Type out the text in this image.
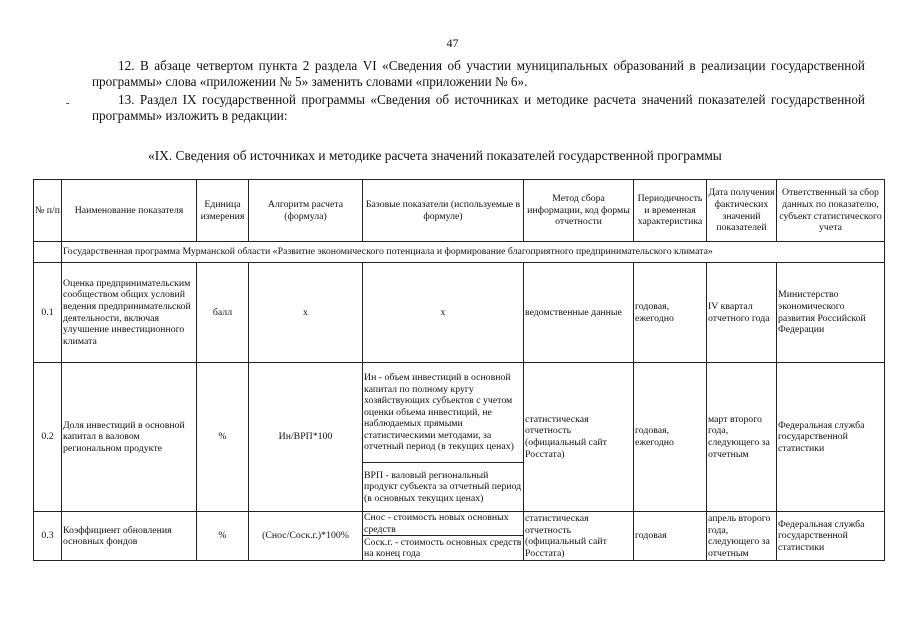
47

12. В абзаце четвертом пункта 2 раздела VI «Сведения об участии муниципальных образований в реализации государственной программы» слова «приложении № 5» заменить словами «приложении № 6».

-	13. Раздел IX государственной программы «Сведения об источниках и методике расчета значений показателей государственной программы» изложить в редакции:

«IX. Сведения об источниках и методике расчета значений показателей государственной программы
№ п/п	Наименование показателя	Единица измерения	Алгоритм расчета (формула)	Базовые показатели (используемые в формуле)	Метод сбора информации, код формы отчетности	Периодичность и временная характеристика	Дата получения фактических значений показателей	Ответственный за сбор данных по показателю, субъект статистического учета
	Государственная программа Мурманской области «Развитие экономического потенциала и формирование благоприятного предпринимательского климата»							
0.1	Оценка предпринимательским сообществом общих условий ведения предпринимательской деятельности, включая улучшение инвестиционного климата	балл	х	х	ведомственные данные	годовая, ежегодно	IV квартал отчетного года	Министерство экономического развития Российской Федерации
0.2	Доля инвестиций в основной капитал в валовом региональном продукте	%	Ин/ВРП*100	Ин - объем инвестиций в основной капитал по полному кругу хозяйствующих субъектов с учетом оценки объема инвестиций, не наблюдаемых прямыми статистическими методами, за отчетный период (в текущих ценах)	статистическая отчетность (официальный сайт Росстата)	годовая, ежегодно	март второго года, следующего за отчетным	Федеральная служба государственной статистики
				ВРП - валовый региональный продукт субъекта за отчетный период (в основных текущих ценах)				
0.3	Коэффициент обновления основных фондов	%	(Снос/Соск.г.)*100%	Снос - стоимость новых основных средств	статистическая отчетность (официальный сайт Росстата)	годовая	апрель второго года, следующего за отчетным	Федеральная служба государственной статистики
				Соск.г. - стоимость основных средств на конец года				
